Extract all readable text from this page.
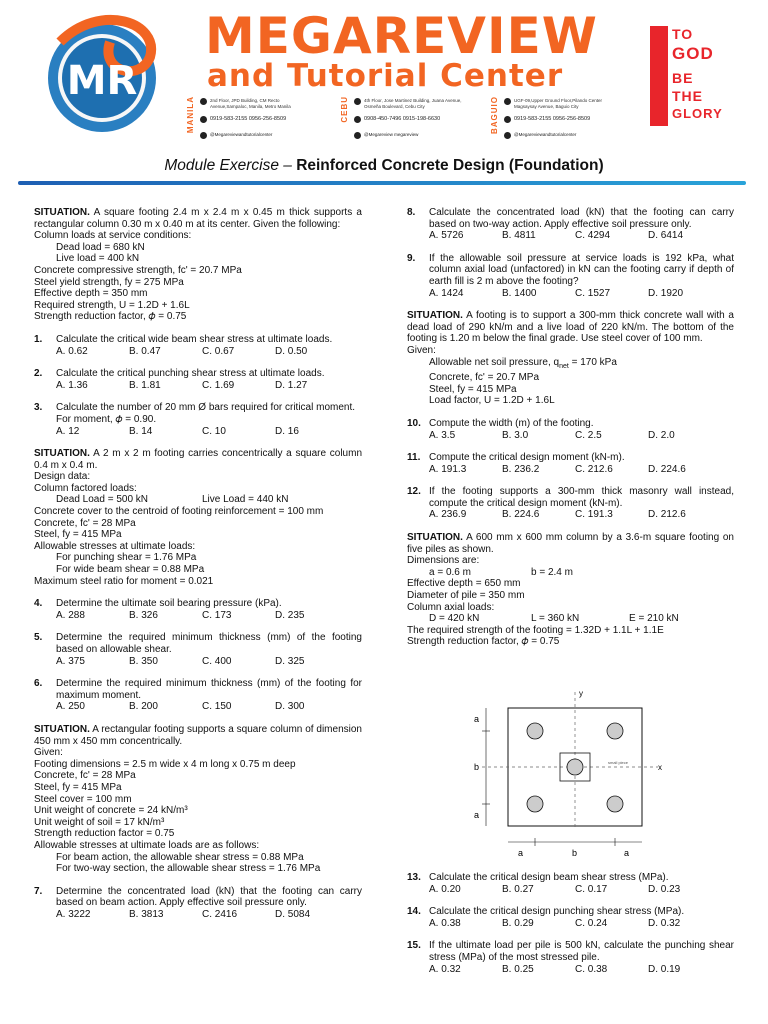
MR
MEGAREVIEW
and Tutorial Center
MANILA	2nd Floor, JPD Building, CM Recto Avenue,Sampaloc, Manila, Metro Manila
0919-583-2155 0956-256-8509
@Megareviewandtutorialcenter
CEBU	4th Floor, Jose Martinez Building, Juana Avenue, Osmeña Boulevard, Cebu City
0908-450-7496 0915-198-6630
@Megareview megareview
BAGUIO	UGF-09,Upper Ground Floor,Pilando Center Magsaysay Avenue, Baguio City
0919-583-2155 0956-256-8509
@Megareviewandtutorialcenter
TO
GOD
BE
THE
GLORY
Module Exercise – Reinforced Concrete Design (Foundation)
SITUATION. A square footing 2.4 m x 2.4 m x 0.45 m thick supports a rectangular column 0.30 m x 0.40 m at its center. Given the following:
Column loads at service conditions:
Dead load = 680 kN
Live load = 400 kN
Concrete compressive strength, fc' = 20.7 MPa
Steel yield strength, fy = 275 MPa
Effective depth = 350 mm
Required strength, U = 1.2D + 1.6L
Strength reduction factor, 𝜙 = 0.75
1. Calculate the critical wide beam shear stress at ultimate loads.
A. 0.62	B. 0.47	C. 0.67	D. 0.50
2. Calculate the critical punching shear stress at ultimate loads.
A. 1.36	B. 1.81	C. 1.69	D. 1.27
3. Calculate the number of 20 mm Ø bars required for critical moment.
For moment, 𝜙 = 0.90.
A. 12	B. 14	C. 10	D. 16
SITUATION. A 2 m x 2 m footing carries concentrically a square column 0.4 m x 0.4 m.
Design data:
Column factored loads:
Dead Load = 500 kN	Live Load = 440 kN
Concrete cover to the centroid of footing reinforcement = 100 mm
Concrete, fc' = 28 MPa
Steel, fy = 415 MPa
Allowable stresses at ultimate loads:
For punching shear = 1.76 MPa
For wide beam shear = 0.88 MPa
Maximum steel ratio for moment = 0.021
4. Determine the ultimate soil bearing pressure (kPa).
A. 288	B. 326	C. 173	D. 235
5. Determine the required minimum thickness (mm) of the footing based on allowable shear.
A. 375	B. 350	C. 400	D. 325
6. Determine the required minimum thickness (mm) of the footing for maximum moment.
A. 250	B. 200	C. 150	D. 300
SITUATION. A rectangular footing supports a square column of dimension 450 mm x 450 mm concentrically.
Given:
Footing dimensions = 2.5 m wide x 4 m long x 0.75 m deep
Concrete, fc' = 28 MPa
Steel, fy = 415 MPa
Steel cover = 100 mm
Unit weight of concrete = 24 kN/m³
Unit weight of soil = 17 kN/m³
Strength reduction factor = 0.75
Allowable stresses at ultimate loads are as follows:
For beam action, the allowable shear stress = 0.88 MPa
For two-way section, the allowable shear stress = 1.76 MPa
7. Determine the concentrated load (kN) that the footing can carry based on beam action. Apply effective soil pressure only.
A. 3222	B. 3813	C. 2416	D. 5084
8. Calculate the concentrated load (kN) that the footing can carry based on two-way action. Apply effective soil pressure only.
A. 5726	B. 4811	C. 4294	D. 6414
9. If the allowable soil pressure at service loads is 192 kPa, what column axial load (unfactored) in kN can the footing carry if depth of earth fill is 2 m above the footing?
A. 1424	B. 1400	C. 1527	D. 1920
SITUATION. A footing is to support a 300-mm thick concrete wall with a dead load of 290 kN/m and a live load of 220 kN/m. The bottom of the footing is 1.20 m below the final grade. Use steel cover of 100 mm.
Given:
Allowable net soil pressure, $q_{net} = 170$ kPa
Concrete, fc' = 20.7 MPa
Steel, fy = 415 MPa
Load factor, U = 1.2D + 1.6L
10. Compute the width (m) of the footing.
A. 3.5	B. 3.0	C. 2.5	D. 2.0
11. Compute the critical design moment (kN-m).
A. 191.3	B. 236.2	C. 212.6	D. 224.6
12. If the footing supports a 300-mm thick masonry wall instead, compute the critical design moment (kN-m).
A. 236.9	B. 224.6	C. 191.3	D. 212.6
SITUATION. A 600 mm x 600 mm column by a 3.6-m square footing on five piles as shown.
Dimensions are:
a = 0.6 m	b = 2.4 m
Effective depth = 650 mm
Diameter of pile = 350 mm
Column axial loads:
D = 420 kN	L = 360 kN	E = 210 kN
The required strength of the footing = 1.32D + 1.1L + 1.1E
Strength reduction factor, 𝜙 = 0.75
y
x
small piece
a
b
a
a	b	a
13. Calculate the critical design beam shear stress (MPa).
A. 0.20	B. 0.27	C. 0.17	D. 0.23
14. Calculate the critical design punching shear stress (MPa).
A. 0.38	B. 0.29	C. 0.24	D. 0.32
15. If the ultimate load per pile is 500 kN, calculate the punching shear stress (MPa) of the most stressed pile.
A. 0.32	B. 0.25	C. 0.38	D. 0.19
